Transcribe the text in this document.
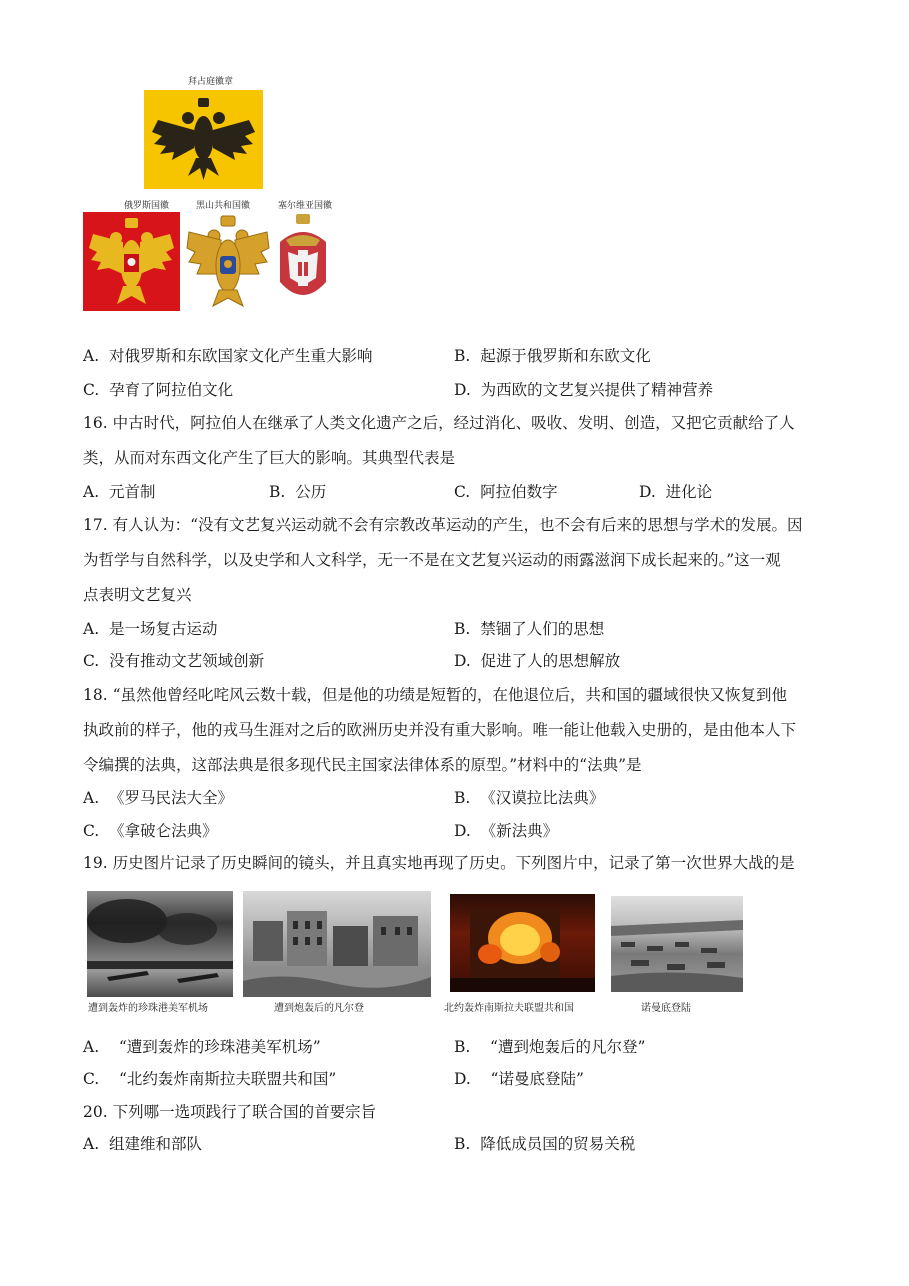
拜占庭徽章
俄罗斯国徽	黑山共和国徽	塞尔维亚国徽
A. 对俄罗斯和东欧国家文化产生重大影响	B. 起源于俄罗斯和东欧文化
C. 孕育了阿拉伯文化	D. 为西欧的文艺复兴提供了精神营养
16. 中古时代，阿拉伯人在继承了人类文化遗产之后，经过消化、吸收、发明、创造，又把它贡献给了人
类，从而对东西文化产生了巨大的影响。其典型代表是
A. 元首制	B. 公历	C. 阿拉伯数字	D. 进化论
17. 有人认为：“没有文艺复兴运动就不会有宗教改革运动的产生，也不会有后来的思想与学术的发展。因
为哲学与自然科学，以及史学和人文科学，无一不是在文艺复兴运动的雨露滋润下成长起来的。”这一观
点表明文艺复兴
A. 是一场复古运动	B. 禁锢了人们的思想
C. 没有推动文艺领域创新	D. 促进了人的思想解放
18. “虽然他曾经叱咤风云数十载，但是他的功绩是短暂的，在他退位后，共和国的疆域很快又恢复到他
执政前的样子，他的戎马生涯对之后的欧洲历史并没有重大影响。唯一能让他载入史册的，是由他本人下
令编撰的法典，这部法典是很多现代民主国家法律体系的原型。”材料中的“法典”是
A. 《罗马民法大全》	B. 《汉谟拉比法典》
C. 《拿破仑法典》	D. 《新法典》
19. 历史图片记录了历史瞬间的镜头，并且真实地再现了历史。下列图片中，记录了第一次世界大战的是
遭到轰炸的珍珠港美军机场	遭到炮轰后的凡尔登	北约轰炸南斯拉夫联盟共和国	诺曼底登陆
A. “遭到轰炸的珍珠港美军机场”	B. “遭到炮轰后的凡尔登”
C. “北约轰炸南斯拉夫联盟共和国”	D. “诺曼底登陆”
20. 下列哪一选项践行了联合国的首要宗旨
A. 组建维和部队	B. 降低成员国的贸易关税
